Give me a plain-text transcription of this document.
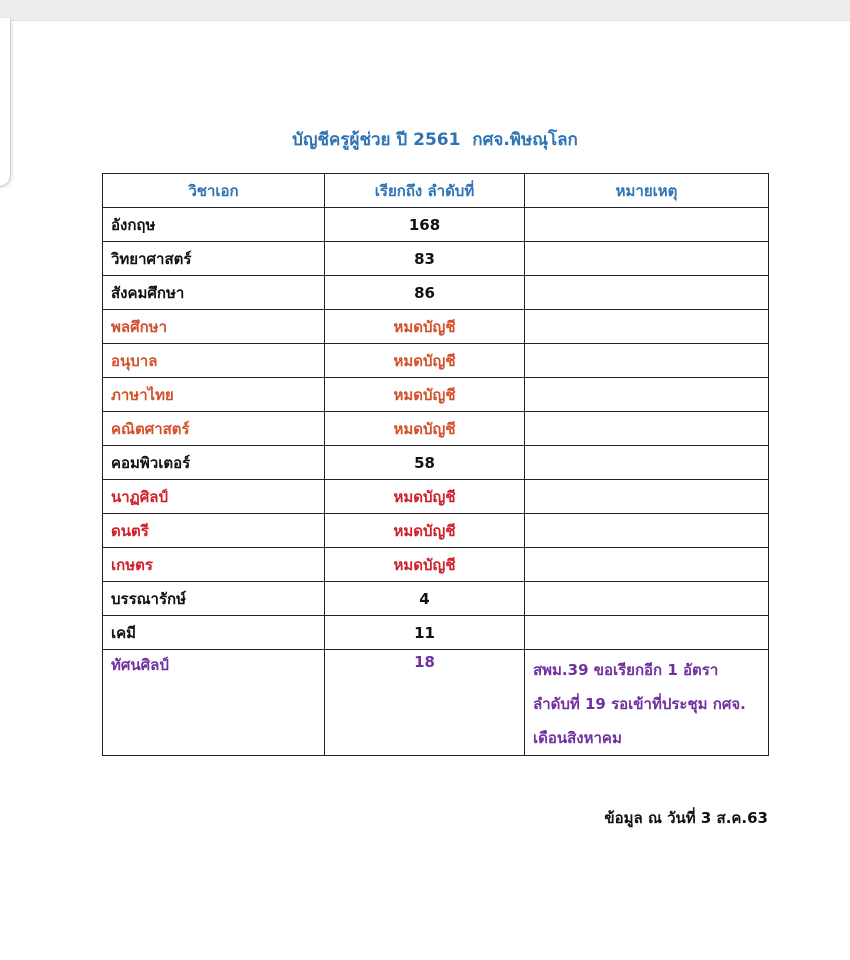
บัญชีครูผู้ช่วย ปี 2561  กศจ.พิษณุโลก
วิชาเอก	เรียกถึง ลำดับที่	หมายเหตุ
อังกฤษ	168	
วิทยาศาสตร์	83	
สังคมศึกษา	86	
พลศึกษา	หมดบัญชี	
อนุบาล	หมดบัญชี	
ภาษาไทย	หมดบัญชี	
คณิตศาสตร์	หมดบัญชี	
คอมพิวเตอร์	58	
นาฏศิลป์	หมดบัญชี	
ดนตรี	หมดบัญชี	
เกษตร	หมดบัญชี	
บรรณารักษ์	4	
เคมี	11	
ทัศนศิลป์	18	สพม.39 ขอเรียกอีก 1 อัตรา
ลำดับที่ 19 รอเข้าที่ประชุม กศจ.
เดือนสิงหาคม
ข้อมูล ณ วันที่ 3 ส.ค.63
